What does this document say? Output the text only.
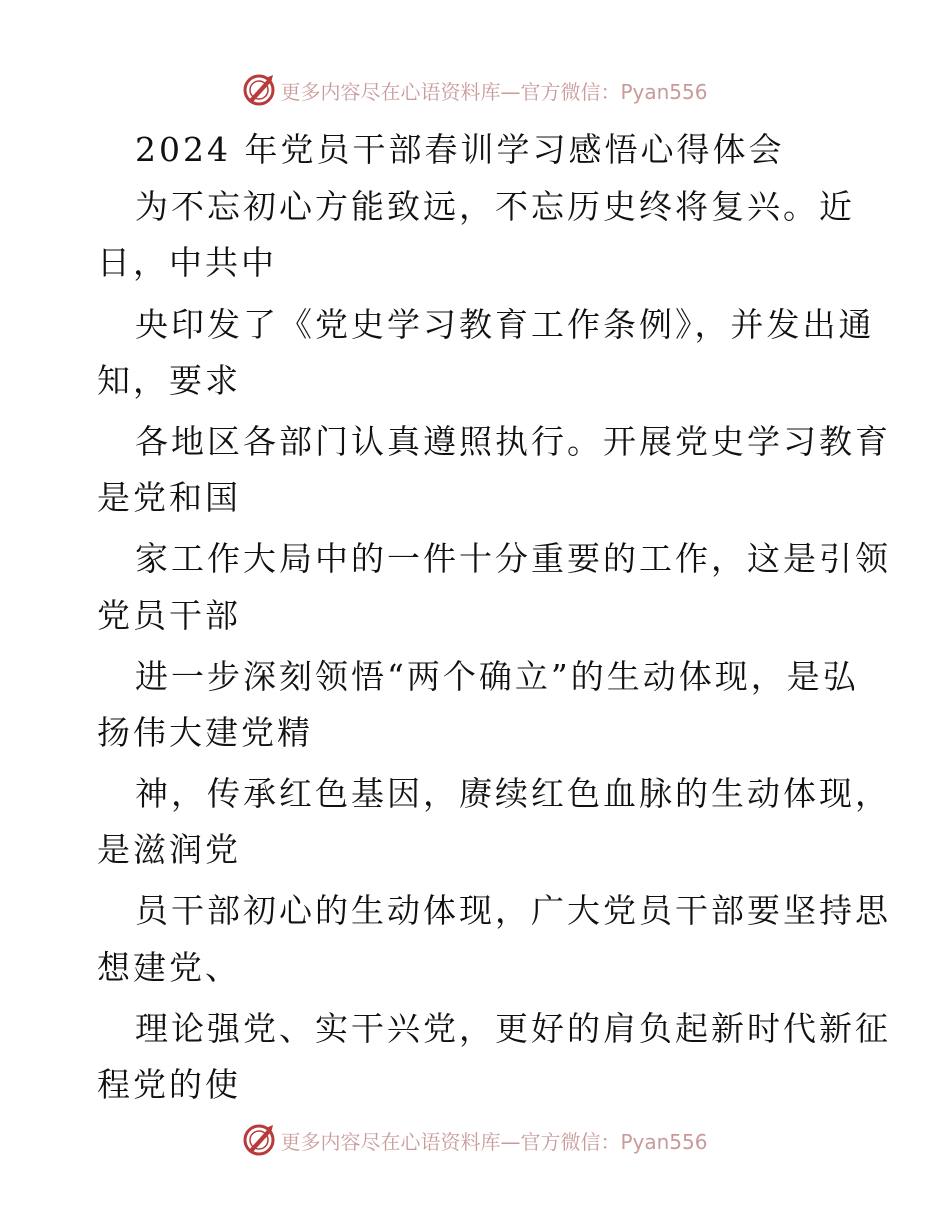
更多内容尽在心语资料库—官方微信：Pyan556
2024 年党员干部春训学习感悟心得体会
为不忘初心方能致远，不忘历史终将复兴。近
日，中共中
央印发了《党史学习教育工作条例》，并发出通
知，要求
各地区各部门认真遵照执行。开展党史学习教育
是党和国
家工作大局中的一件十分重要的工作，这是引领
党员干部
进一步深刻领悟“两个确立”的生动体现，是弘
扬伟大建党精
神，传承红色基因，赓续红色血脉的生动体现，
是滋润党
员干部初心的生动体现，广大党员干部要坚持思
想建党、
理论强党、实干兴党，更好的肩负起新时代新征
程党的使
更多内容尽在心语资料库—官方微信：Pyan556
